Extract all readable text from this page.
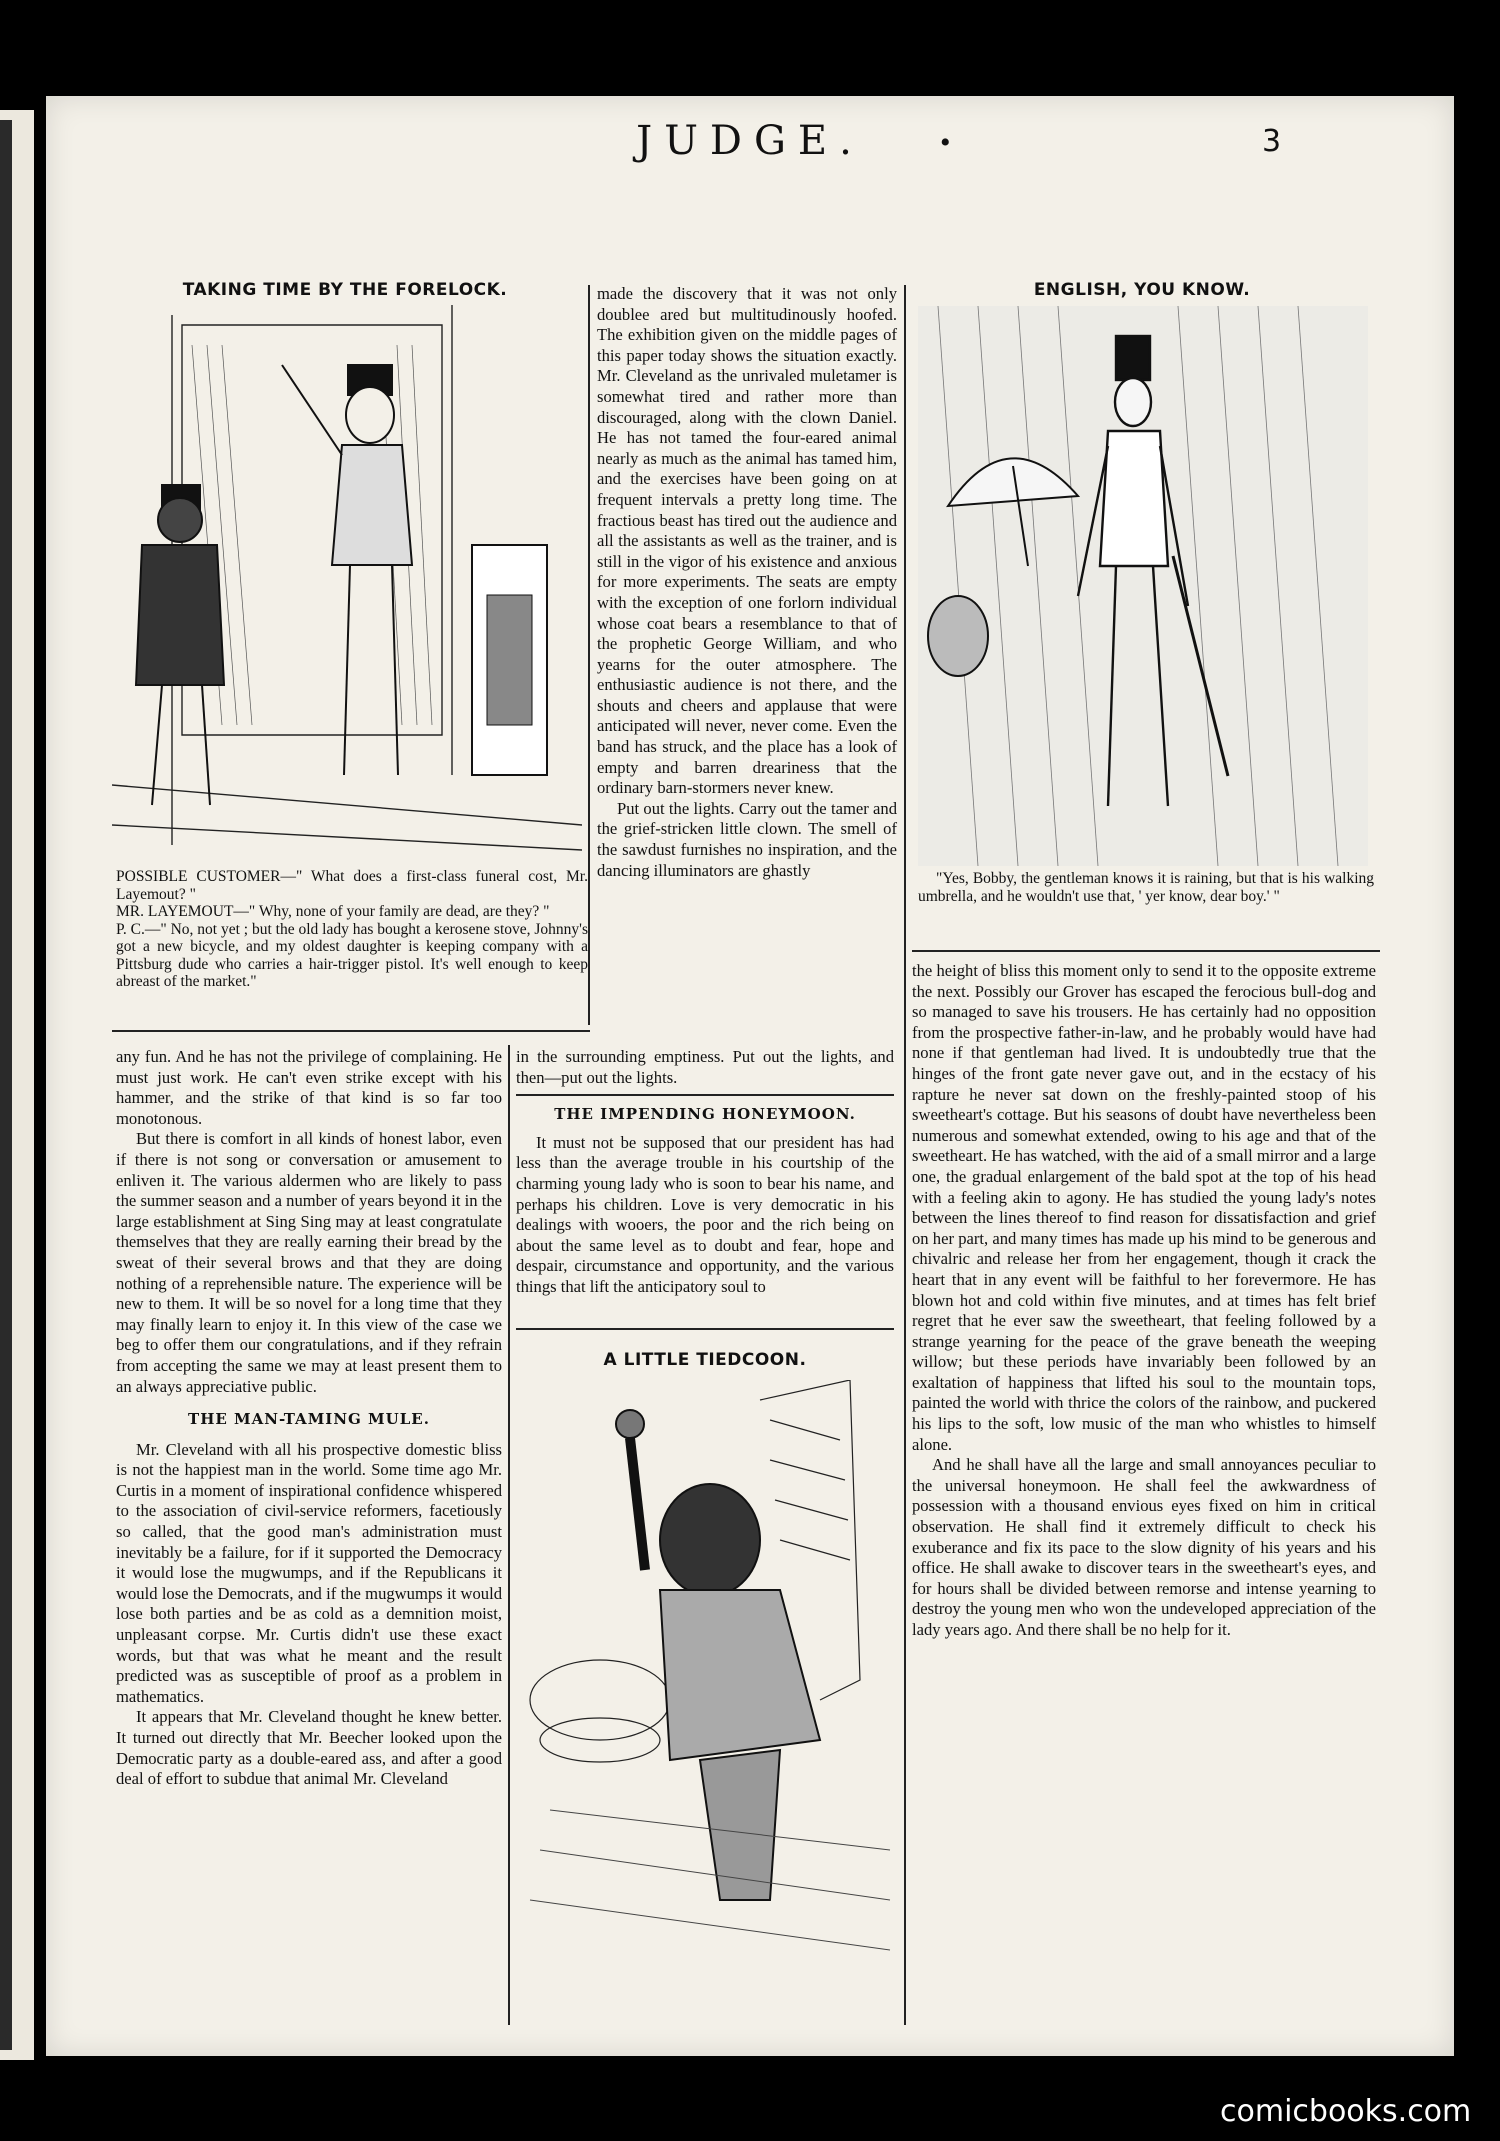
JUDGE.	•	3
TAKING TIME BY THE FORELOCK.

POSSIBLE CUSTOMER—" What does a first-class funeral cost, Mr. Layemout? "

MR. LAYEMOUT—" Why, none of your family are dead, are they? "

P. C.—" No, not yet ; but the old lady has bought a kerosene stove, Johnny's got a new bicycle, and my oldest daughter is keeping company with a Pittsburg dude who carries a hair-trigger pistol. It's well enough to keep abreast of the market."

made the discovery that it was not only doublee ared but multitudinously hoofed. The exhibition given on the middle pages of this paper today shows the situation exactly. Mr. Cleveland as the unrivaled muletamer is somewhat tired and rather more than discouraged, along with the clown Daniel. He has not tamed the four-eared animal nearly as much as the animal has tamed him, and the exercises have been going on at frequent intervals a pretty long time. The fractious beast has tired out the audience and all the assistants as well as the trainer, and is still in the vigor of his existence and anxious for more experiments. The seats are empty with the exception of one forlorn individual whose coat bears a resemblance to that of the prophetic George William, and who yearns for the outer atmosphere. The enthusiastic audience is not there, and the shouts and cheers and applause that were anticipated will never, never come. Even the band has struck, and the place has a look of empty and barren dreariness that the ordinary barn-stormers never knew.

Put out the lights. Carry out the tamer and the grief-stricken little clown. The smell of the sawdust furnishes no inspiration, and the dancing illuminators are ghastly

ENGLISH, YOU KNOW.
"Yes, Bobby, the gentleman knows it is raining, but that is his walking umbrella, and he wouldn't use that, ' yer know, dear boy.' "

any fun. And he has not the privilege of complaining. He must just work. He can't even strike except with his hammer, and the strike of that kind is so far too monotonous.

But there is comfort in all kinds of honest labor, even if there is not song or conversation or amusement to enliven it. The various aldermen who are likely to pass the summer season and a number of years beyond it in the large establishment at Sing Sing may at least congratulate themselves that they are really earning their bread by the sweat of their several brows and that they are doing nothing of a reprehensible nature. The experience will be new to them. It will be so novel for a long time that they may finally learn to enjoy it. In this view of the case we beg to offer them our congratulations, and if they refrain from accepting the same we may at least present them to an always appreciative public.

THE MAN-TAMING MULE.

Mr. Cleveland with all his prospective domestic bliss is not the happiest man in the world. Some time ago Mr. Curtis in a moment of inspirational confidence whispered to the association of civil-service reformers, facetiously so called, that the good man's administration must inevitably be a failure, for if it supported the Democracy it would lose the mugwumps, and if the Republicans it would lose the Democrats, and if the mugwumps it would lose both parties and be as cold as a demnition moist, unpleasant corpse. Mr. Curtis didn't use these exact words, but that was what he meant and the result predicted was as susceptible of proof as a problem in mathematics.

It appears that Mr. Cleveland thought he knew better. It turned out directly that Mr. Beecher looked upon the Democratic party as a double-eared ass, and after a good deal of effort to subdue that animal Mr. Cleveland

in the surrounding emptiness. Put out the lights, and then—put out the lights.

THE IMPENDING HONEYMOON.

It must not be supposed that our president has had less than the average trouble in his courtship of the charming young lady who is soon to bear his name, and perhaps his children. Love is very democratic in his dealings with wooers, the poor and the rich being on about the same level as to doubt and fear, hope and despair, circumstance and opportunity, and the various things that lift the anticipatory soul to

A LITTLE TIEDCOON.

the height of bliss this moment only to send it to the opposite extreme the next. Possibly our Grover has escaped the ferocious bull-dog and so managed to save his trousers. He has certainly had no opposition from the prospective father-in-law, and he probably would have had none if that gentleman had lived. It is undoubtedly true that the hinges of the front gate never gave out, and in the ecstacy of his rapture he never sat down on the freshly-painted stoop of his sweetheart's cottage. But his seasons of doubt have nevertheless been numerous and somewhat extended, owing to his age and that of the sweetheart. He has watched, with the aid of a small mirror and a large one, the gradual enlargement of the bald spot at the top of his head with a feeling akin to agony. He has studied the young lady's notes between the lines thereof to find reason for dissatisfaction and grief on her part, and many times has made up his mind to be generous and chivalric and release her from her engagement, though it crack the heart that in any event will be faithful to her forevermore. He has blown hot and cold within five minutes, and at times has felt brief regret that he ever saw the sweetheart, that feeling followed by a strange yearning for the peace of the grave beneath the weeping willow; but these periods have invariably been followed by an exaltation of happiness that lifted his soul to the mountain tops, painted the world with thrice the colors of the rainbow, and puckered his lips to the soft, low music of the man who whistles to himself alone.

And he shall have all the large and small annoyances peculiar to the universal honeymoon. He shall feel the awkwardness of possession with a thousand envious eyes fixed on him in critical observation. He shall find it extremely difficult to check his exuberance and fix its pace to the slow dignity of his years and his office. He shall awake to discover tears in the sweetheart's eyes, and for hours shall be divided between remorse and intense yearning to destroy the young men who won the undeveloped appreciation of the lady years ago. And there shall be no help for it.

comicbooks.com
